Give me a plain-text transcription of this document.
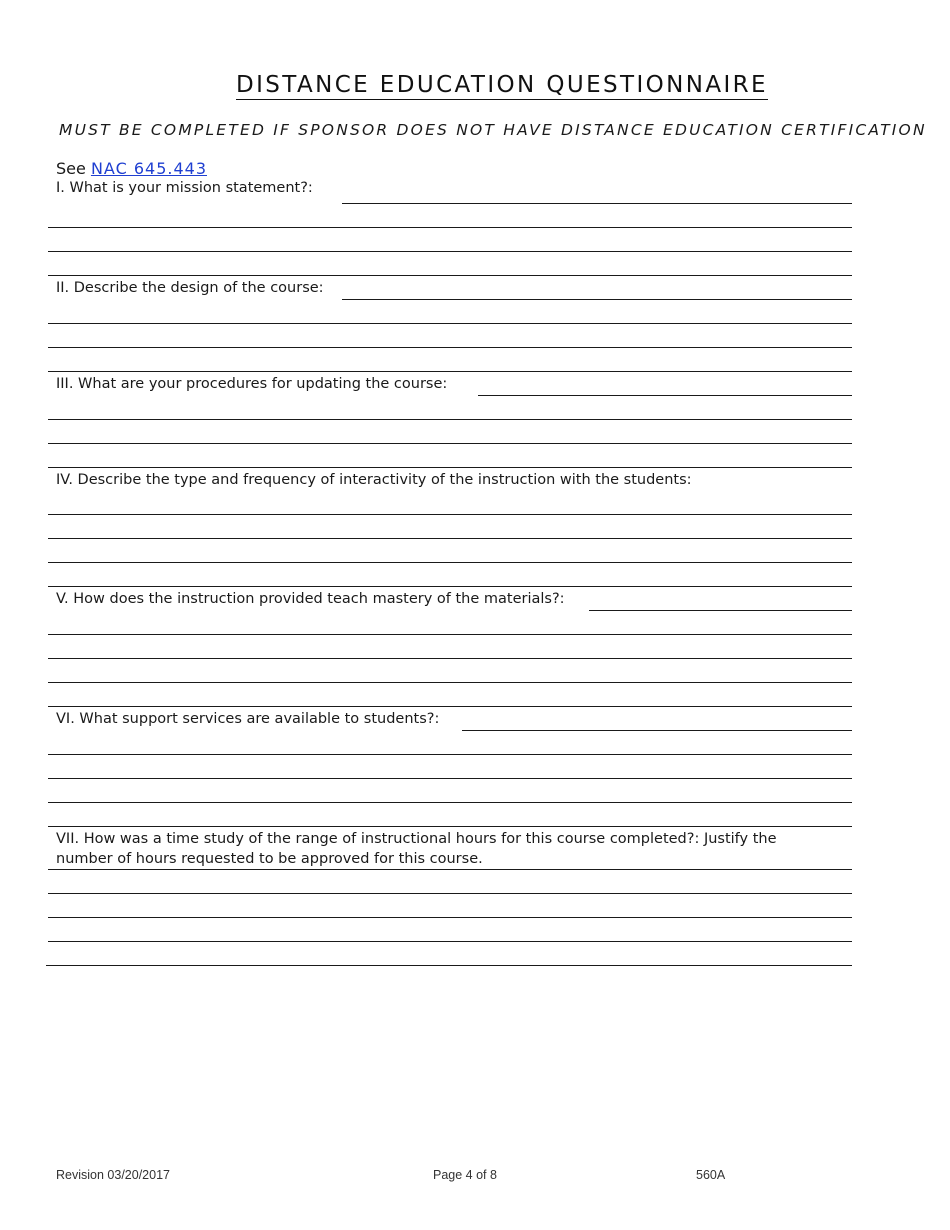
DISTANCE EDUCATION QUESTIONNAIRE
MUST BE COMPLETED IF SPONSOR DOES NOT HAVE DISTANCE EDUCATION CERTIFICATION
See NAC 645.443
I. What is your mission statement?:
II. Describe the design of the course:
III. What are your procedures for updating the course:
IV. Describe the type and frequency of interactivity of the instruction with the students:
V. How does the instruction provided teach mastery of the materials?:
VI. What support services are available to students?:
VII. How was a time study of the range of instructional hours for this course completed?: Justify the number of hours requested to be approved for this course.
Revision 03/20/2017	Page 4 of 8	560A
